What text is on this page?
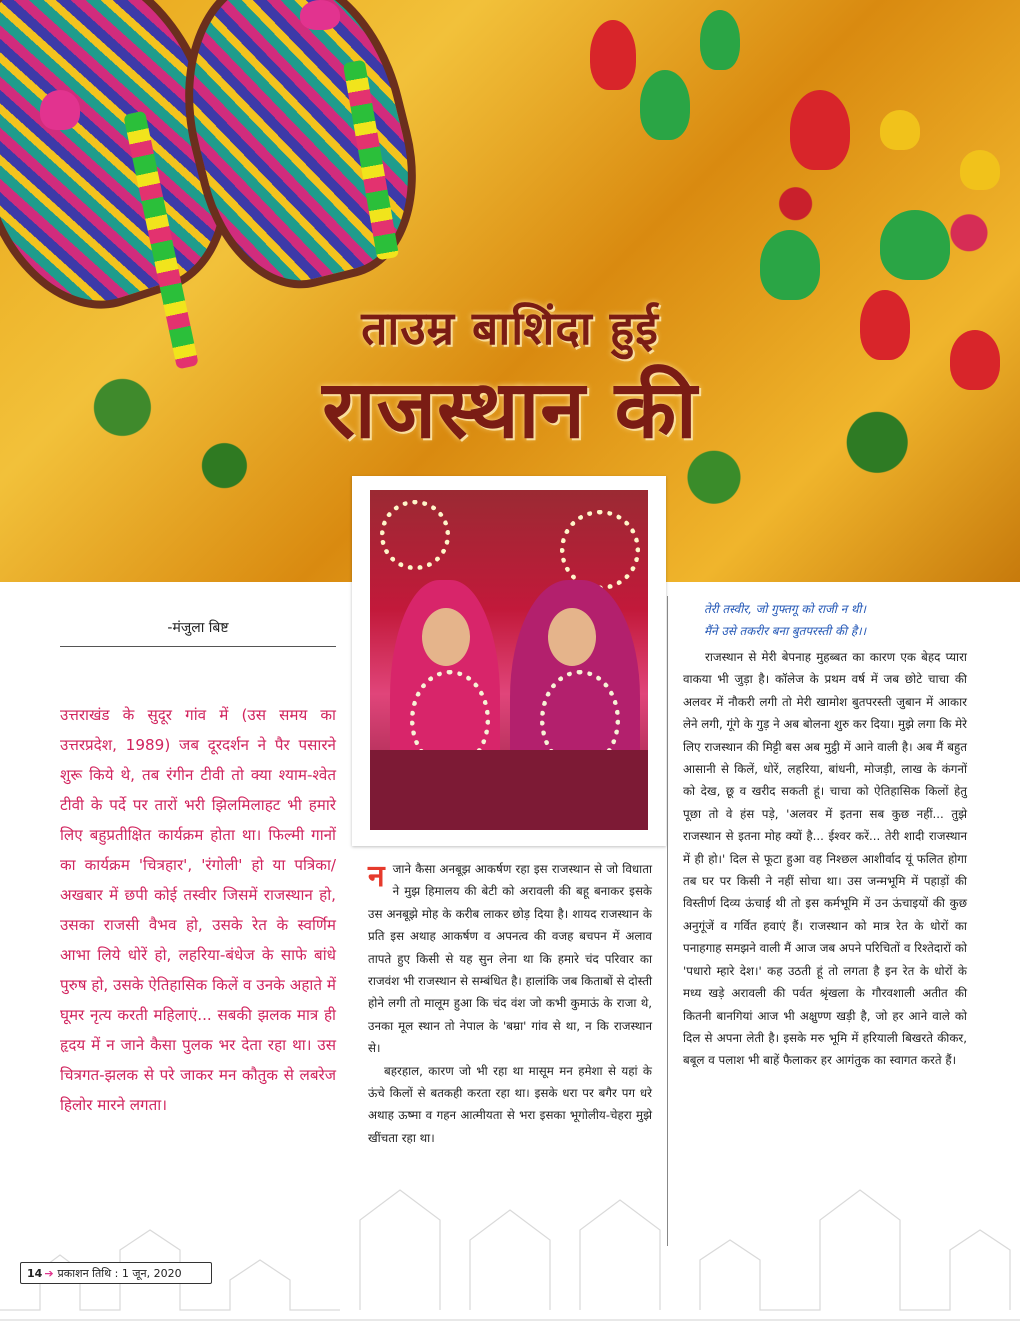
ताउम्र बाशिंदा हुई
राजस्थान की
-मंजुला बिष्ट
उत्तराखंड के सुदूर गांव में (उस समय का उत्तरप्रदेश, 1989) जब दूरदर्शन ने पैर पसारने शुरू किये थे, तब रंगीन टीवी तो क्या श्याम-श्वेत टीवी के पर्दे पर तारों भरी झिलमिलाहट भी हमारे लिए बहुप्रतीक्षित कार्यक्रम होता था। फिल्मी गानों का कार्यक्रम 'चित्रहार', 'रंगोली' हो या पत्रिका/अखबार में छपी कोई तस्वीर जिसमें राजस्थान हो, उसका राजसी वैभव हो, उसके रेत के स्वर्णिम आभा लिये धोरें हो, लहरिया-बंधेज के साफे बांधे पुरुष हो, उसके ऐतिहासिक किलें व उनके अहाते में घूमर नृत्य करती महिलाएं... सबकी झलक मात्र ही हृदय में न जाने कैसा पुलक भर देता रहा था। उस चित्रगत-झलक से परे जाकर मन कौतुक से लबरेज हिलोर मारने लगता।

नजाने कैसा अनबूझ आकर्षण रहा इस राजस्थान से जो विधाता ने मुझ हिमालय की बेटी को अरावली की बहू बनाकर इसके उस अनबूझे मोह के करीब लाकर छोड़ दिया है। शायद राजस्थान के प्रति इस अथाह आकर्षण व अपनत्व की वजह बचपन में अलाव तापते हुए किसी से यह सुन लेना था कि हमारे चंद परिवार का राजवंश भी राजस्थान से सम्बंधित है। हालांकि जब किताबों से दोस्ती होने लगी तो मालूम हुआ कि चंद वंश जो कभी कुमाऊं के राजा थे, उनका मूल स्थान तो नेपाल के 'बम्रा' गांव से था, न कि राजस्थान से।

बहरहाल, कारण जो भी रहा था मासूम मन हमेशा से यहां के ऊंचे किलों से बतकही करता रहा था। इसके धरा पर बगैर पग धरे अथाह ऊष्मा व गहन आत्मीयता से भरा इसका भूगोलीय-चेहरा मुझे खींचता रहा था।

तेरी तस्वीर, जो गुफ्तगू को राजी न थी।
मैंने उसे तकरीर बना बुतपरस्ती की है।।
राजस्थान से मेरी बेपनाह मुहब्बत का कारण एक बेहद प्यारा वाकया भी जुड़ा है। कॉलेज के प्रथम वर्ष में जब छोटे चाचा की अलवर में नौकरी लगी तो मेरी खामोश बुतपरस्ती जुबान में आकार लेने लगी, गूंगे के गुड़ ने अब बोलना शुरु कर दिया। मुझे लगा कि मेरे लिए राजस्थान की मिट्टी बस अब मुट्ठी में आने वाली है। अब मैं बहुत आसानी से किलें, धोरें, लहरिया, बांधनी, मोजड़ी, लाख के कंगनों को देख, छू व खरीद सकती हूं। चाचा को ऐतिहासिक किलों हेतु पूछा तो वे हंस पड़े, 'अलवर में इतना सब कुछ नहीं... तुझे राजस्थान से इतना मोह क्यों है... ईश्वर करें... तेरी शादी राजस्थान में ही हो।' दिल से फूटा हुआ वह निश्छल आशीर्वाद यूं फलित होगा तब घर पर किसी ने नहीं सोचा था। उस जन्मभूमि में पहाड़ों की विस्तीर्ण दिव्य ऊंचाई थी तो इस कर्मभूमि में उन ऊंचाइयों की कुछ अनुगूंजें व गर्वित हवाएं हैं। राजस्थान को मात्र रेत के धोरों का पनाहगाह समझने वाली मैं आज जब अपने परिचितों व रिश्तेदारों को 'पधारो म्हारे देश।' कह उठती हूं तो लगता है इन रेत के धोरों के मध्य खड़े अरावली की पर्वत श्रृंखला के गौरवशाली अतीत की कितनी बानगियां आज भी अक्षुण्ण खड़ी है, जो हर आने वाले को दिल से अपना लेती है। इसके मरु भूमि में हरियाली बिखरते कीकर, बबूल व पलाश भी बाहें फैलाकर हर आगंतुक का स्वागत करते हैं।
14 ➔ प्रकाशन तिथि : 1 जून, 2020
